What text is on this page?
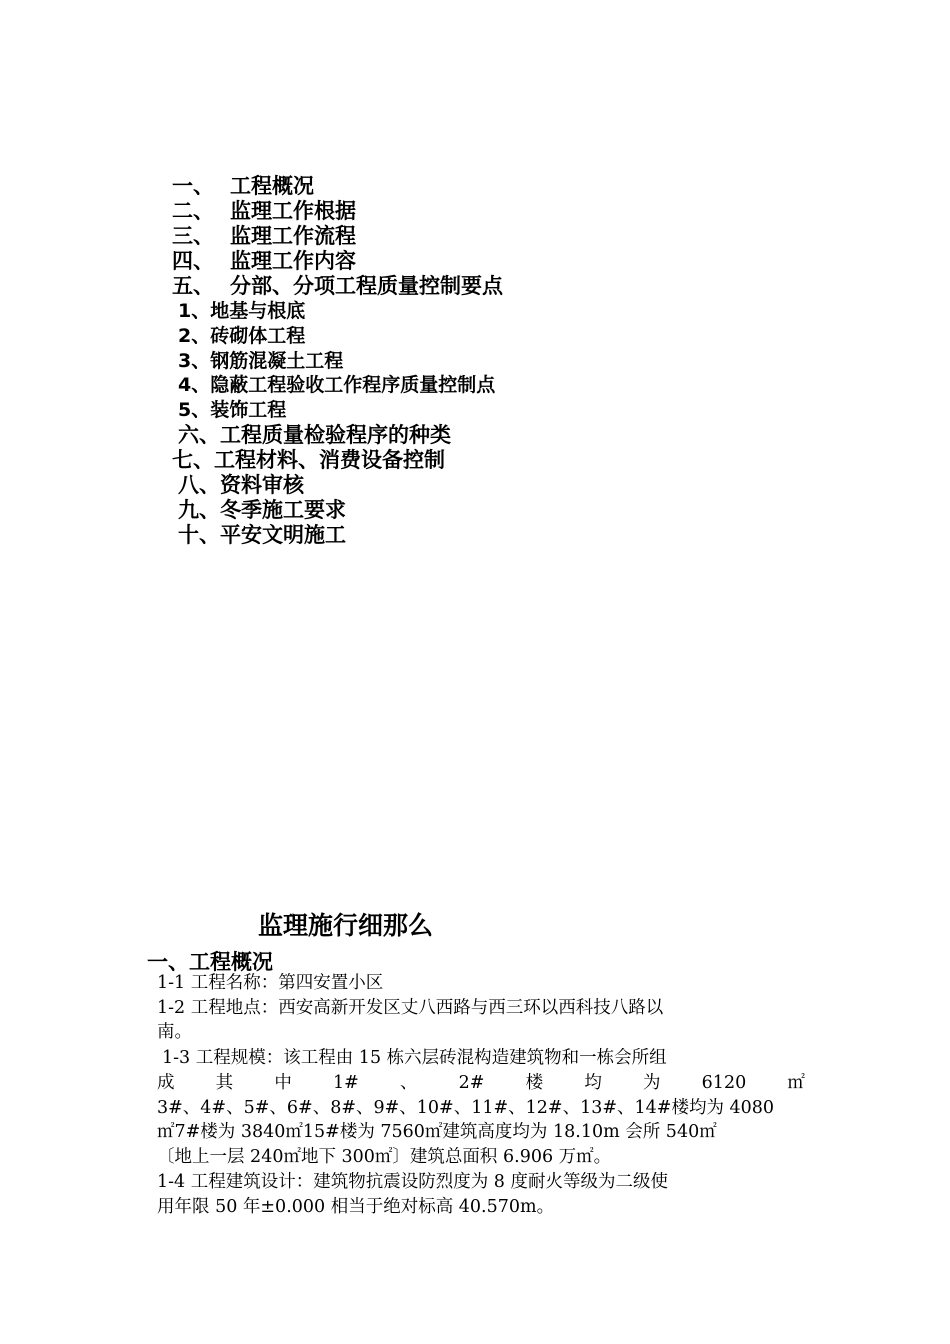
一、 工程概况
二、 监理工作根据
三、 监理工作流程
四、 监理工作内容
五、 分部、分项工程质量控制要点
1、地基与根底
2、砖砌体工程
3、钢筋混凝土工程
4、隐蔽工程验收工作程序质量控制点
5、装饰工程
六、工程质量检验程序的种类
七、工程材料、消费设备控制
八、资料审核
九、冬季施工要求
十、平安文明施工
监理施行细那么
一、工程概况
1-1 工程名称：第四安置小区
1-2 工程地点：西安高新开发区丈八西路与西三环以西科技八路以
南。
1-3 工程规模：该工程由 15 栋六层砖混构造建筑物和一栋会所组
成 其 中 1# 、 2# 楼 均 为 6120 ㎡
3#、4#、5#、6#、8#、9#、10#、11#、12#、13#、14#楼均为 4080
㎡7#楼为 3840㎡15#楼为 7560㎡建筑高度均为 18.10m 会所 540㎡
〔地上一层 240㎡地下 300㎡〕建筑总面积 6.906 万㎡。
1-4 工程建筑设计：建筑物抗震设防烈度为 8 度耐火等级为二级使
用年限 50 年±0.000 相当于绝对标高 40.570m。
